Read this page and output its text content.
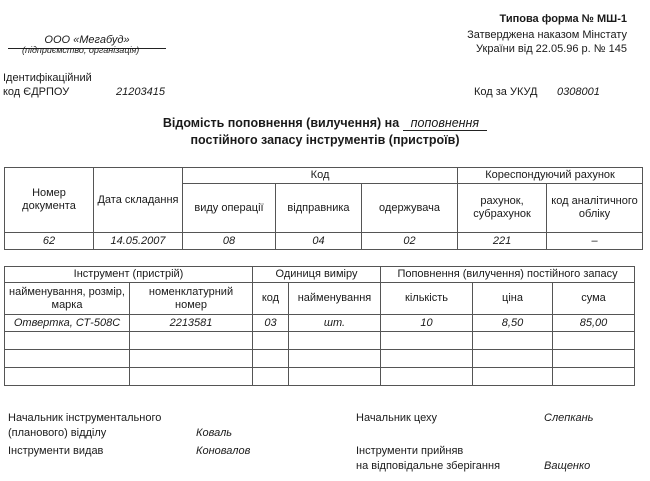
Типова форма № МШ-1
Затверджена наказом Мінстату
України від 22.05.96 р. № 145
ООО «Мегабуд»
(підприємство, організація)
Ідентифікаційний
код ЄДРПОУ	21203415	Код за УКУД 0308001
Відомість поповнення (вилучення) на поповнення
постійного запасу інструментів (пристроїв)
Номер документа	Дата складання	Код			Кореспондуючий рахунок	
		виду операції	відправника	одержувача	рахунок, субрахунок	код аналітичного обліку
62	14.05.2007	08	04	02	221	–
Інструмент (пристрій)		Одиниця виміру		Поповнення (вилучення) постійного запасу		
найменування, розмір, марка	номенклатурний номер	код	найменування	кількість	ціна	сума
Отвертка, СТ-508С	2213581	03	шт.	10	8,50	85,00

Начальник інструментального
(планового) відділу	Коваль
Інструменти видав	Коновалов
Начальник цеху	Слепкань
Інструменти прийняв
на відповідальне зберігання	Ващенко
